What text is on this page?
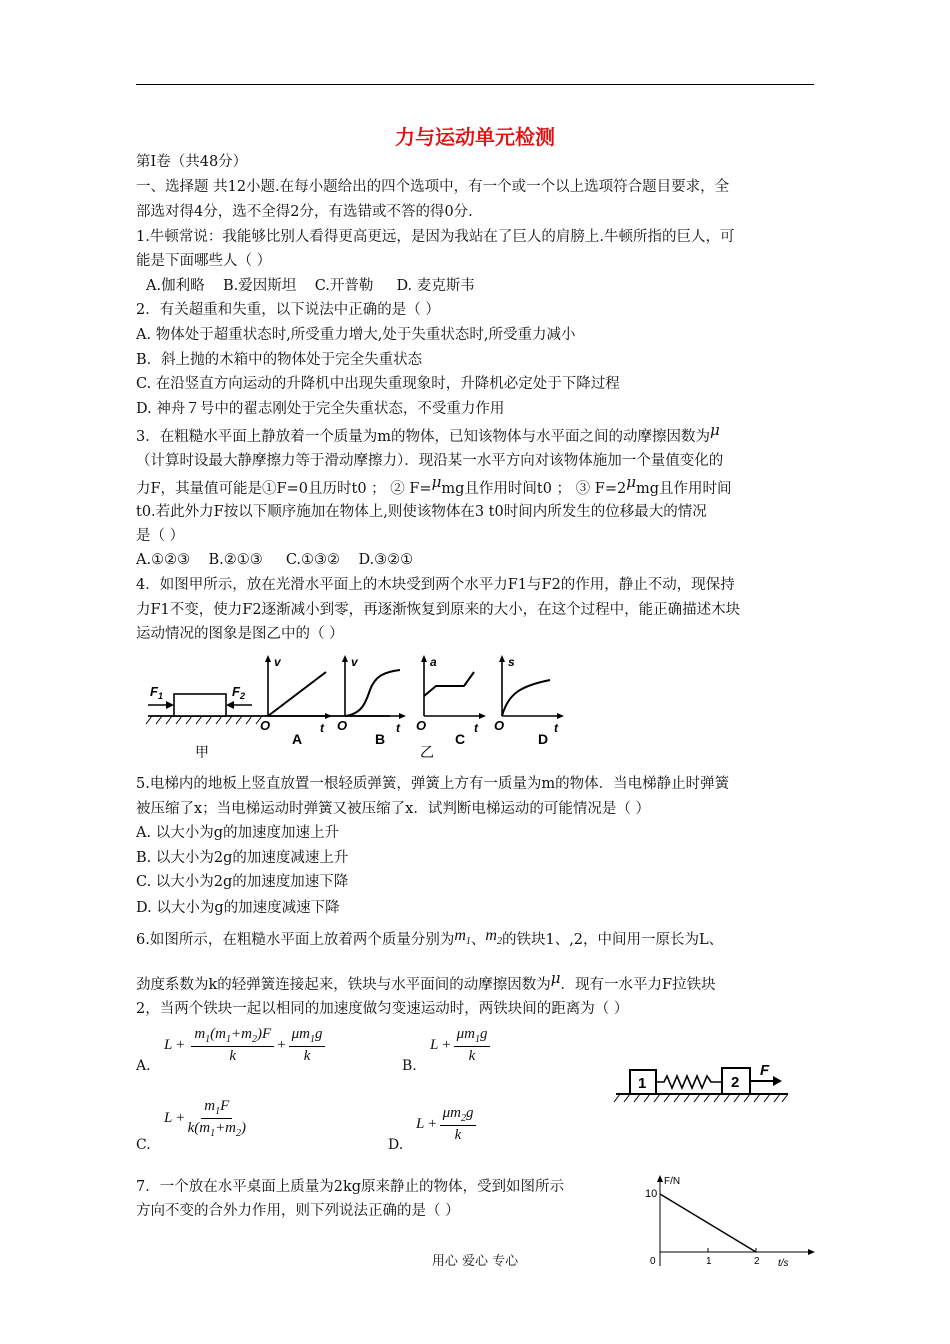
力与运动单元检测
第Ⅰ卷（共48分）
一、选择题 共12小题.在每小题给出的四个选项中，有一个或一个以上选项符合题目要求，全
部选对得4分，选不全得2分，有选错或不答的得0分.
1.牛顿常说：我能够比别人看得更高更远，是因为我站在了巨人的肩膀上.牛顿所指的巨人，可
能是下面哪些人（ ）
A.伽利略    B.爱因斯坦    C.开普勒     D. 麦克斯韦
2．有关超重和失重，以下说法中正确的是（ ）
A. 物体处于超重状态时,所受重力增大,处于失重状态时,所受重力减小
B．斜上抛的木箱中的物体处于完全失重状态
C. 在沿竖直方向运动的升降机中出现失重现象时，升降机必定处于下降过程
D. 神舟７号中的翟志刚处于完全失重状态，不受重力作用
3．在粗糙水平面上静放着一个质量为m的物体，已知该物体与水平面之间的动摩擦因数为μ
（计算时设最大静摩擦力等于滑动摩擦力）．现沿某一水平方向对该物体施加一个量值变化的
力F，其量值可能是①F=0且历时t0 ； ② F=μmg且作用时间t0 ； ③ F=2μmg且作用时间
t0.若此外力F按以下顺序施加在物体上,则使该物体在3 t0时间内所发生的位移最大的情况
是（ ）
A.①②③    B.②①③     C.①③②    D.③②①
4．如图甲所示，放在光滑水平面上的木块受到两个水平力F1与F2的作用，静止不动，现保持
力F1不变，使力F2逐渐减小到零，再逐渐恢复到原来的大小，在这个过程中，能正确描述木块
运动情况的图象是图乙中的（ ）
$F_1$	$F_2$
甲
v
t
O
A
v
t
O
B
a
t
O
C
s
t
O
D
乙
5.电梯内的地板上竖直放置一根轻质弹簧，弹簧上方有一质量为m的物体．当电梯静止时弹簧
被压缩了x；当电梯运动时弹簧又被压缩了x．试判断电梯运动的可能情况是（ ）
A. 以大小为g的加速度加速上升
B. 以大小为2g的加速度减速上升
C. 以大小为2g的加速度加速下降
D. 以大小为g的加速度减速下降
6.如图所示，在粗糙水平面上放着两个质量分别为$m_1$、$m_2$的铁块1、,2，中间用一原长为L、
劲度系数为k的轻弹簧连接起来，铁块与水平面间的动摩擦因数为μ．现有一水平力F拉铁块
2，当两个铁块一起以相同的加速度做匀变速运动时，两铁块间的距离为（ ）
A.
$L + \frac{m_1(m_1+m_2)F}{k} + \frac{\mu m_1g}{k}$
B.
$L + \frac{\mu m_1g}{k}$
C.
$L + \frac{m_1F}{k(m_1+m_2)}$
D.
$L + \frac{\mu m_2g}{k}$
1	2
F
7．一个放在水平桌面上质量为2kg原来静止的物体，受到如图所示
方向不变的合外力作用，则下列说法正确的是（ ）
F/N
10
0	1	2 t/s
用心 爱心 专心
